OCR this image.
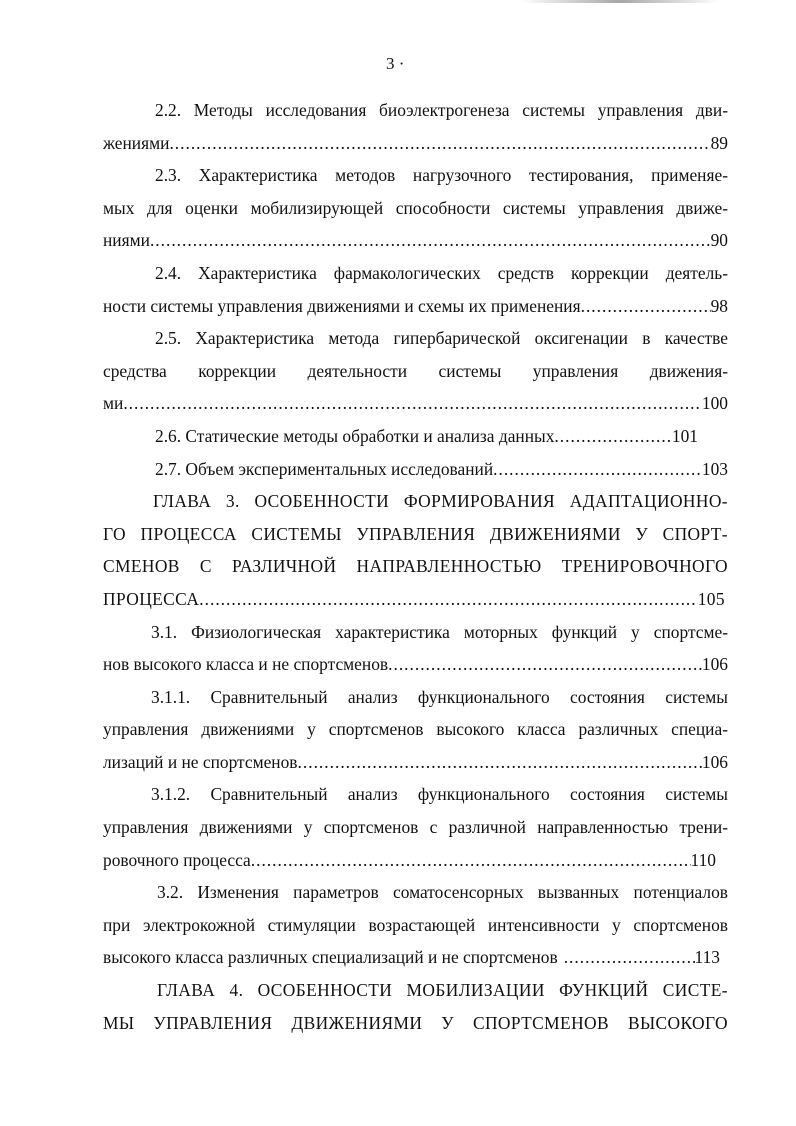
3 ·
2.2. Методы исследования биоэлектрогенеза системы управления дви-
жениями .....	89
2.3. Характеристика методов нагрузочного тестирования, применяе-
мых для оценки мобилизирующей способности системы управления движе-
ниями .....	90
2.4. Характеристика фармакологических средств коррекции деятель-
ности системы управления движениями и схемы их применения .....	98
2.5. Характеристика метода гипербарической оксигенации в качестве
средства коррекции деятельности системы управления движения-
ми .....	100
2.6. Статические методы обработки и анализа данных .....	101
2.7. Объем экспериментальных исследований .....	103
ГЛАВА 3. ОСОБЕННОСТИ ФОРМИРОВАНИЯ АДАПТАЦИОННО-
ГО ПРОЦЕССА СИСТЕМЫ УПРАВЛЕНИЯ ДВИЖЕНИЯМИ У СПОРТ-
СМЕНОВ С РАЗЛИЧНОЙ НАПРАВЛЕННОСТЬЮ ТРЕНИРОВОЧНОГО
ПРОЦЕССА .....	105
3.1. Физиологическая характеристика моторных функций у спортсме-
нов высокого класса и не спортсменов .....	106
3.1.1. Сравнительный анализ функционального состояния системы
управления движениями у спортсменов высокого класса различных специа-
лизаций и не спортсменов .....	106
3.1.2. Сравнительный анализ функционального состояния системы
управления движениями у спортсменов с различной направленностью трени-
ровочного процесса .....	110
3.2. Изменения параметров соматосенсорных вызванных потенциалов
при электрокожной стимуляции возрастающей интенсивности у спортсменов
высокого класса различных специализаций и не спортсменов .....	113
ГЛАВА 4. ОСОБЕННОСТИ МОБИЛИЗАЦИИ ФУНКЦИЙ СИСТЕ-
МЫ УПРАВЛЕНИЯ ДВИЖЕНИЯМИ У СПОРТСМЕНОВ ВЫСОКОГО
